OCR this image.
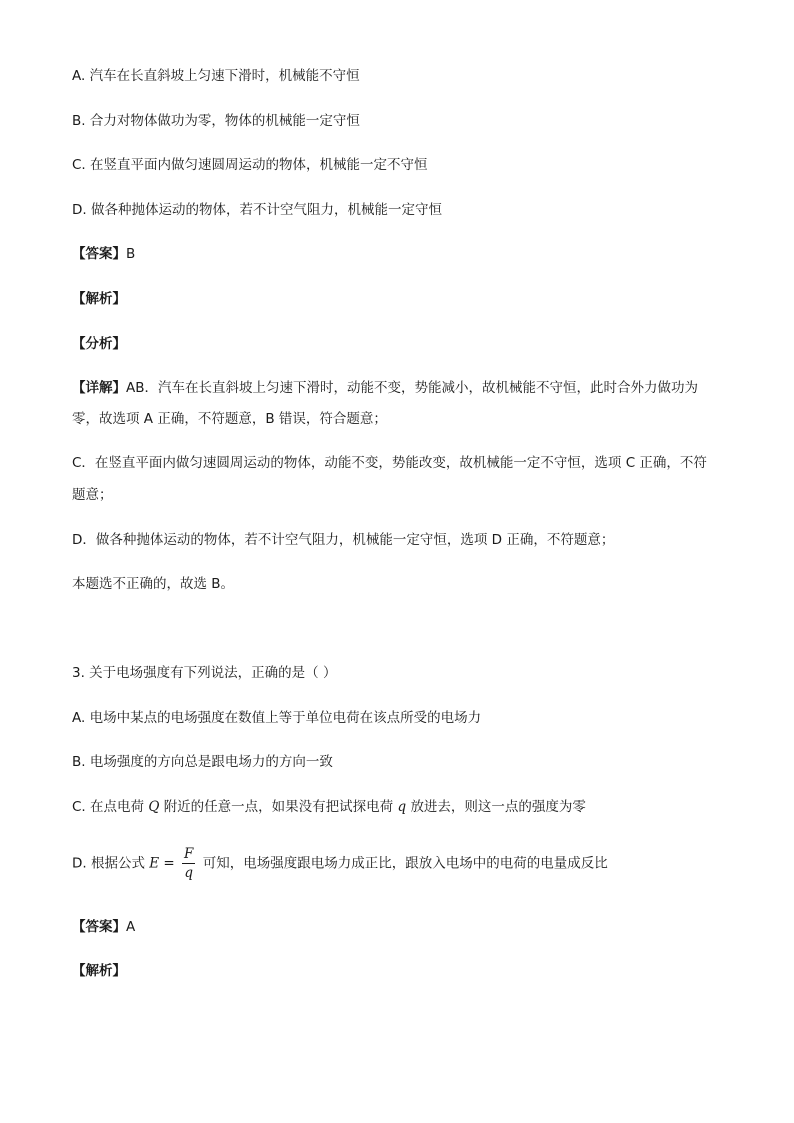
A. 汽车在长直斜坡上匀速下滑时，机械能不守恒
B. 合力对物体做功为零，物体的机械能一定守恒
C. 在竖直平面内做匀速圆周运动的物体，机械能一定不守恒
D. 做各种抛体运动的物体，若不计空气阻力，机械能一定守恒
【答案】B
【解析】
【分析】
【详解】AB．汽车在长直斜坡上匀速下滑时，动能不变，势能减小，故机械能不守恒，此时合外力做功为
零，故选项 A 正确，不符题意，B 错误，符合题意；
C．在竖直平面内做匀速圆周运动的物体，动能不变，势能改变，故机械能一定不守恒，选项 C 正确，不符
题意；
D．做各种抛体运动的物体，若不计空气阻力，机械能一定守恒，选项 D 正确，不符题意；
本题选不正确的，故选 B。
3. 关于电场强度有下列说法，正确的是（ ）
A. 电场中某点的电场强度在数值上等于单位电荷在该点所受的电场力
B. 电场强度的方向总是跟电场力的方向一致
C. 在点电荷 Q 附近的任意一点，如果没有把试探电荷 q 放进去，则这一点的强度为零
D. 根据公式 $E = \frac{F}{q}$ 可知，电场强度跟电场力成正比，跟放入电场中的电荷的电量成反比
【答案】A
【解析】
